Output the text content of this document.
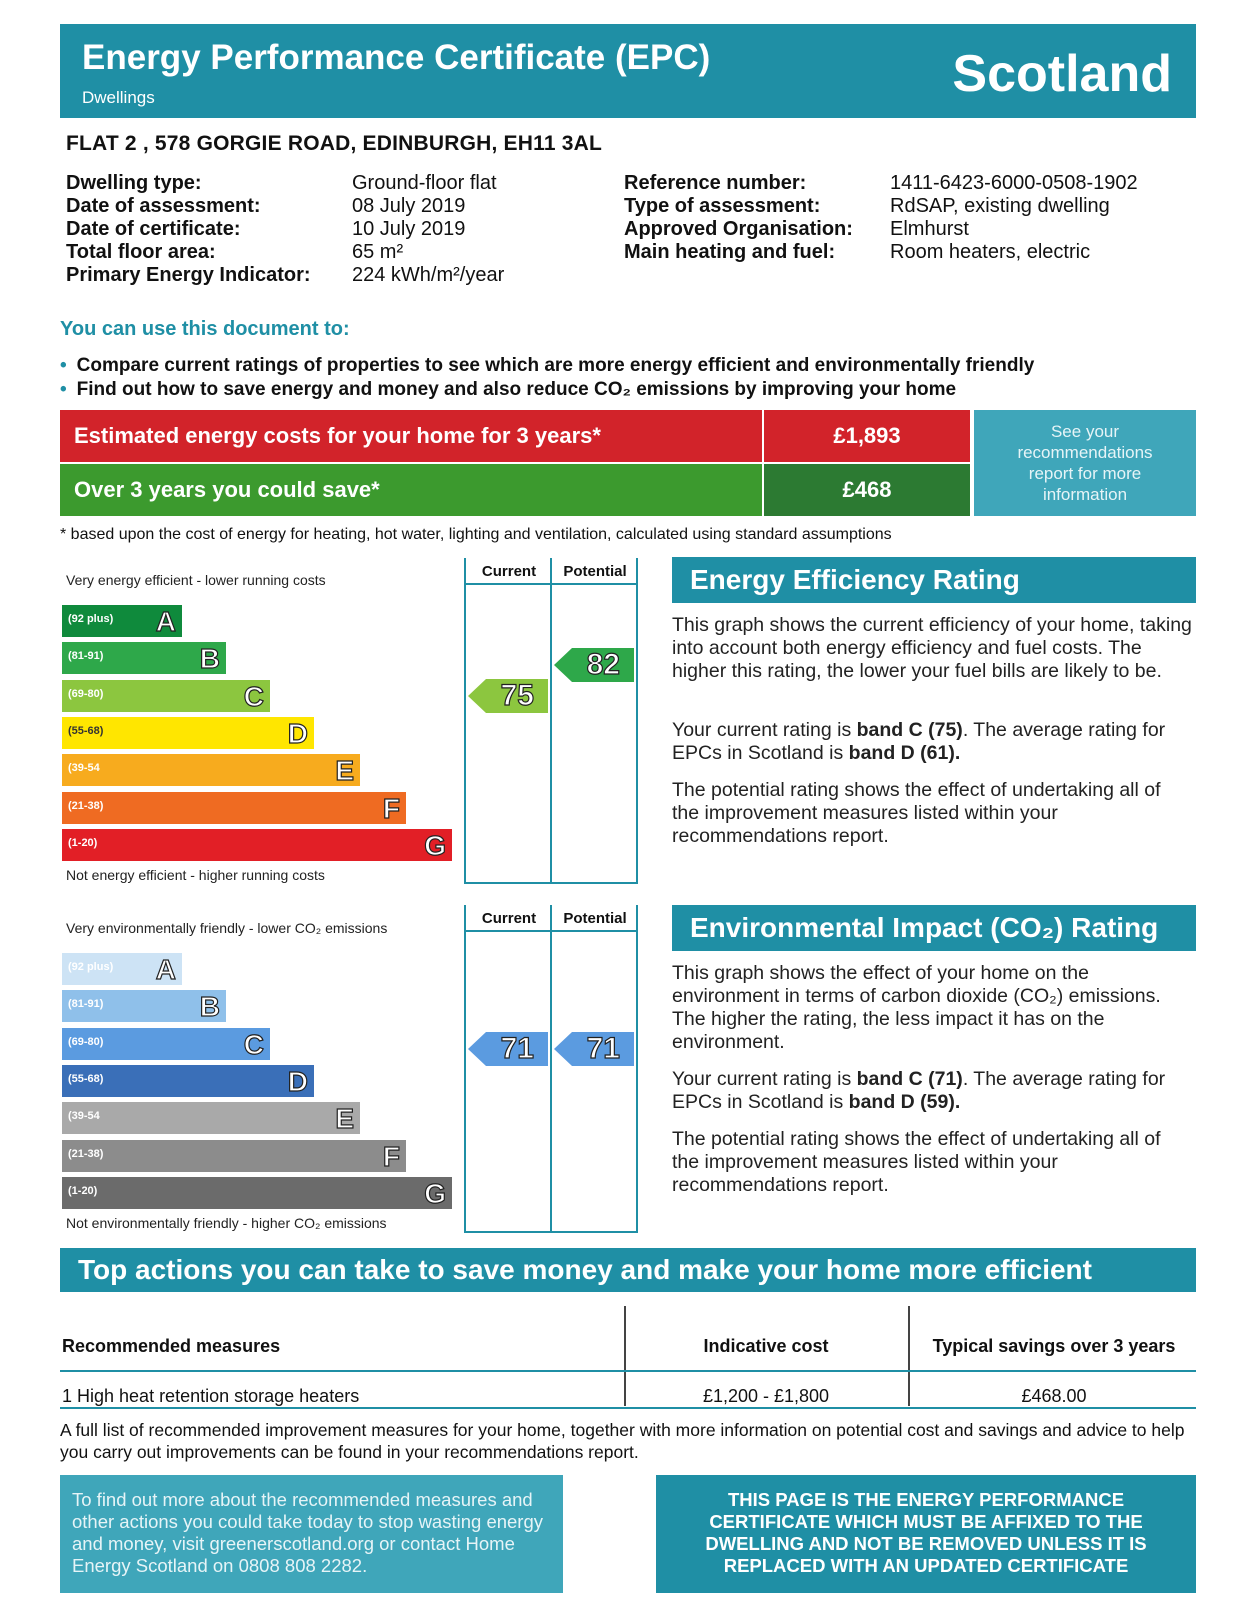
Energy Performance Certificate (EPC)
Dwellings	Scotland
FLAT 2 , 578 GORGIE ROAD, EDINBURGH, EH11 3AL
Dwelling type:	Ground-floor flat
Date of assessment:	08 July 2019
Date of certificate:	10 July 2019
Total floor area:	65 m²
Primary Energy Indicator: 224 kWh/m²/year
Reference number:	1411-6423-6000-0508-1902
Type of assessment:	RdSAP, existing dwelling
Approved Organisation: Elmhurst
Main heating and fuel:	Room heaters, electric
You can use this document to:
• Compare current ratings of properties to see which are more energy efficient and environmentally friendly
• Find out how to save energy and money and also reduce CO₂ emissions by improving your home
Estimated energy costs for your home for 3 years*	£1,893
Over 3 years you could save*	£468
See your recommendations report for more information
* based upon the cost of energy for heating, hot water, lighting and ventilation, calculated using standard assumptions
Very energy efficient - lower running costs
Not energy efficient - higher running costs
Current	Potential
(92 plus) A
(81-91)	B
(69-80)	C
(55-68)	D
(39-54	E
(21-38)	F
(1-20)	G
75
82
Energy Efficiency Rating
This graph shows the current efficiency of your home, taking into account both energy efficiency and fuel costs. The higher this rating, the lower your fuel bills are likely to be.
Your current rating is band C (75). The average rating for EPCs in Scotland is band D (61).
The potential rating shows the effect of undertaking all of the improvement measures listed within your recommendations report.
Very environmentally friendly - lower CO₂ emissions
Not environmentally friendly - higher CO₂ emissions
Current	Potential
(92 plus) A
(81-91)	B
(69-80)	C
(55-68)	D
(39-54	E
(21-38)	F
(1-20)	G
71 71
Environmental Impact (CO₂) Rating
This graph shows the effect of your home on the environment in terms of carbon dioxide (CO₂) emissions. The higher the rating, the less impact it has on the environment.
Your current rating is band C (71). The average rating for EPCs in Scotland is band D (59).
The potential rating shows the effect of undertaking all of the improvement measures listed within your recommendations report.
Top actions you can take to save money and make your home more efficient
Recommended measures	Indicative cost	Typical savings over 3 years
1 High heat retention storage heaters	£1,200 - £1,800	£468.00
A full list of recommended improvement measures for your home, together with more information on potential cost and savings and advice to help you carry out improvements can be found in your recommendations report.
To find out more about the recommended measures and other actions you could take today to stop wasting energy and money, visit greenerscotland.org or contact Home Energy Scotland on 0808 808 2282.
THIS PAGE IS THE ENERGY PERFORMANCE CERTIFICATE WHICH MUST BE AFFIXED TO THE DWELLING AND NOT BE REMOVED UNLESS IT IS REPLACED WITH AN UPDATED CERTIFICATE
